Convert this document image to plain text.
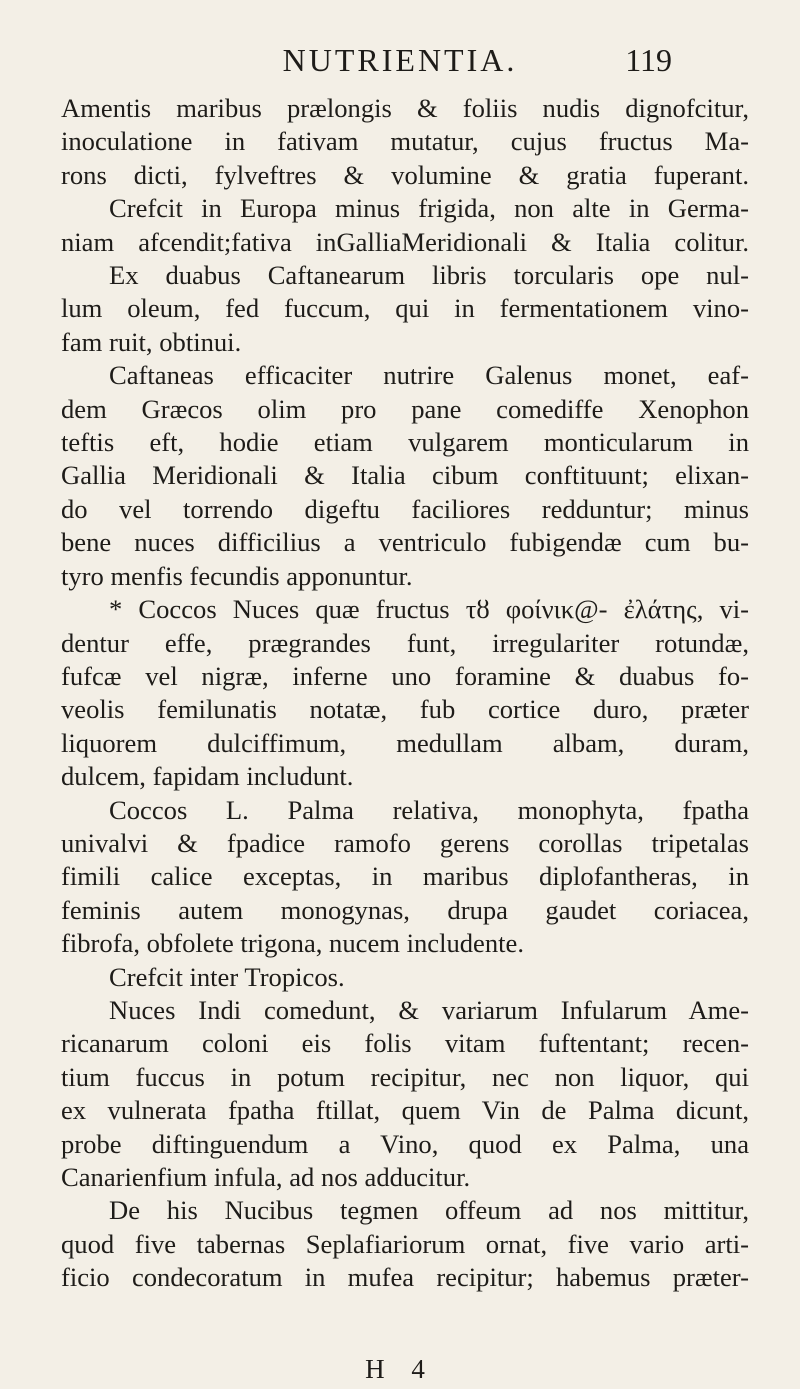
NUTRIENTIA.	119
Amentis maribus prælongis & foliis nudis dignofcitur,
inoculatione in fativam mutatur, cujus fructus Ma-
rons dicti, fylveftres & volumine & gratia fuperant.
Crefcit in Europa minus frigida, non alte in Germa-
niam afcendit;fativa inGalliaMeridionali & Italia colitur.
Ex duabus Caftanearum libris torcularis ope nul-
lum oleum, fed fuccum, qui in fermentationem vino-
fam ruit, obtinui.
Caftaneas efficaciter nutrire Galenus monet, eaf-
dem Græcos olim pro pane comediffe Xenophon
teftis eft, hodie etiam vulgarem monticularum in
Gallia Meridionali & Italia cibum conftituunt; elixan-
do vel torrendo digeftu faciliores redduntur; minus
bene nuces difficilius a ventriculo fubigendæ cum bu-
tyro menfis fecundis apponuntur.
* Coccos Nuces quæ fructus τȣ φοίνικ@- ἐλάτης, vi-
dentur effe, prægrandes funt, irregulariter rotundæ,
fufcæ vel nigræ, inferne uno foramine & duabus fo-
veolis femilunatis notatæ, fub cortice duro, præter
liquorem dulciffimum, medullam albam, duram,
dulcem, fapidam includunt.
Coccos L. Palma relativa, monophyta, fpatha
univalvi & fpadice ramofo gerens corollas tripetalas
fimili calice exceptas, in maribus diplofantheras, in
feminis autem monogynas, drupa gaudet coriacea,
fibrofa, obfolete trigona, nucem includente.
Crefcit inter Tropicos.
Nuces Indi comedunt, & variarum Infularum Ame-
ricanarum coloni eis folis vitam fuftentant; recen-
tium fuccus in potum recipitur, nec non liquor, qui
ex vulnerata fpatha ftillat, quem Vin de Palma dicunt,
probe diftinguendum a Vino, quod ex Palma, una
Canarienfium infula, ad nos adducitur.
De his Nucibus tegmen offeum ad nos mittitur,
quod five tabernas Seplafiariorum ornat, five vario arti-
ficio condecoratum in mufea recipitur; habemus præter-
H 4
